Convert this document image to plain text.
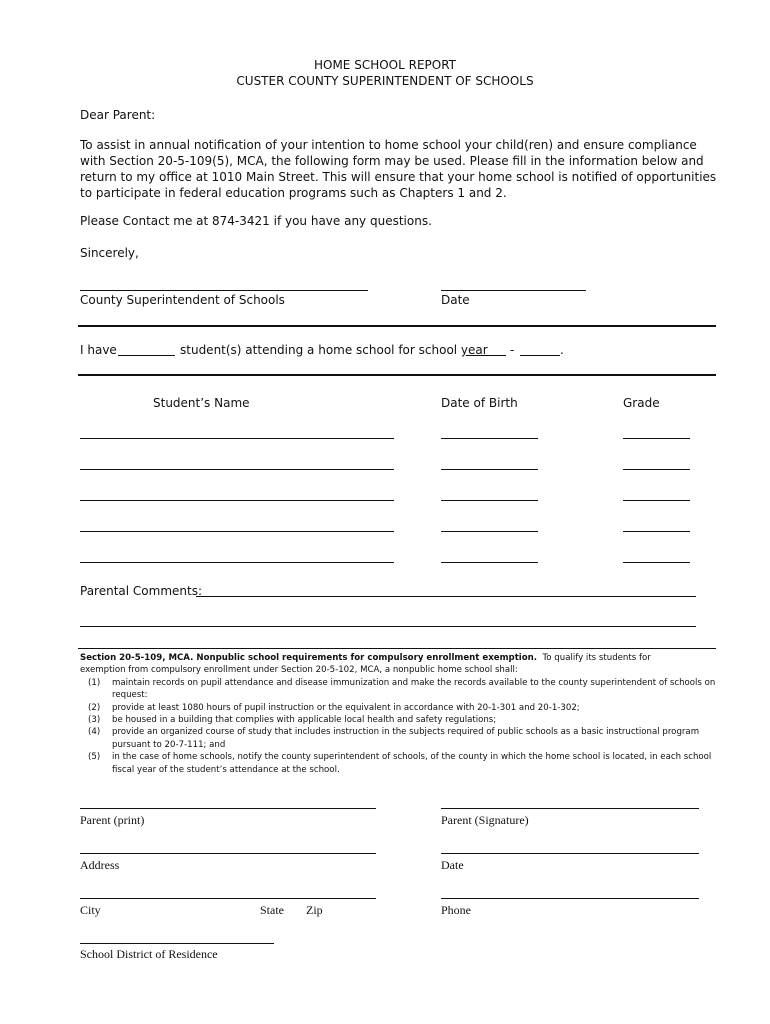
HOME SCHOOL REPORT
CUSTER COUNTY SUPERINTENDENT OF SCHOOLS
Dear Parent:
To assist in annual notification of your intention to home school your child(ren) and ensure compliance with Section 20-5-109(5), MCA, the following form may be used. Please fill in the information below and return to my office at 1010 Main Street. This will ensure that your home school is notified of opportunities to participate in federal education programs such as Chapters 1 and 2.
Please Contact me at 874-3421 if you have any questions.
Sincerely,
County Superintendent of Schools	Date
I have	student(s) attending a home school for school year -	.
Student’s Name	Date of Birth	Grade
Parental Comments:
Section 20-5-109, MCA. Nonpublic school requirements for compulsory enrollment exemption. To qualify its students for
exemption from compulsory enrollment under Section 20-5-102, MCA, a nonpublic home school shall:
(1) maintain records on pupil attendance and disease immunization and make the records available to the county superintendent of schools on request:
(2) provide at least 1080 hours of pupil instruction or the equivalent in accordance with 20-1-301 and 20-1-302;
(3) be housed in a building that complies with applicable local health and safety regulations;
(4) provide an organized course of study that includes instruction in the subjects required of public schools as a basic instructional program pursuant to 20-7-111; and
(5) in the case of home schools, notify the county superintendent of schools, of the county in which the home school is located, in each school fiscal year of the student’s attendance at the school.
Parent (print)	Parent (Signature)
Address	Date
City	State Zip	Phone
School District of Residence
